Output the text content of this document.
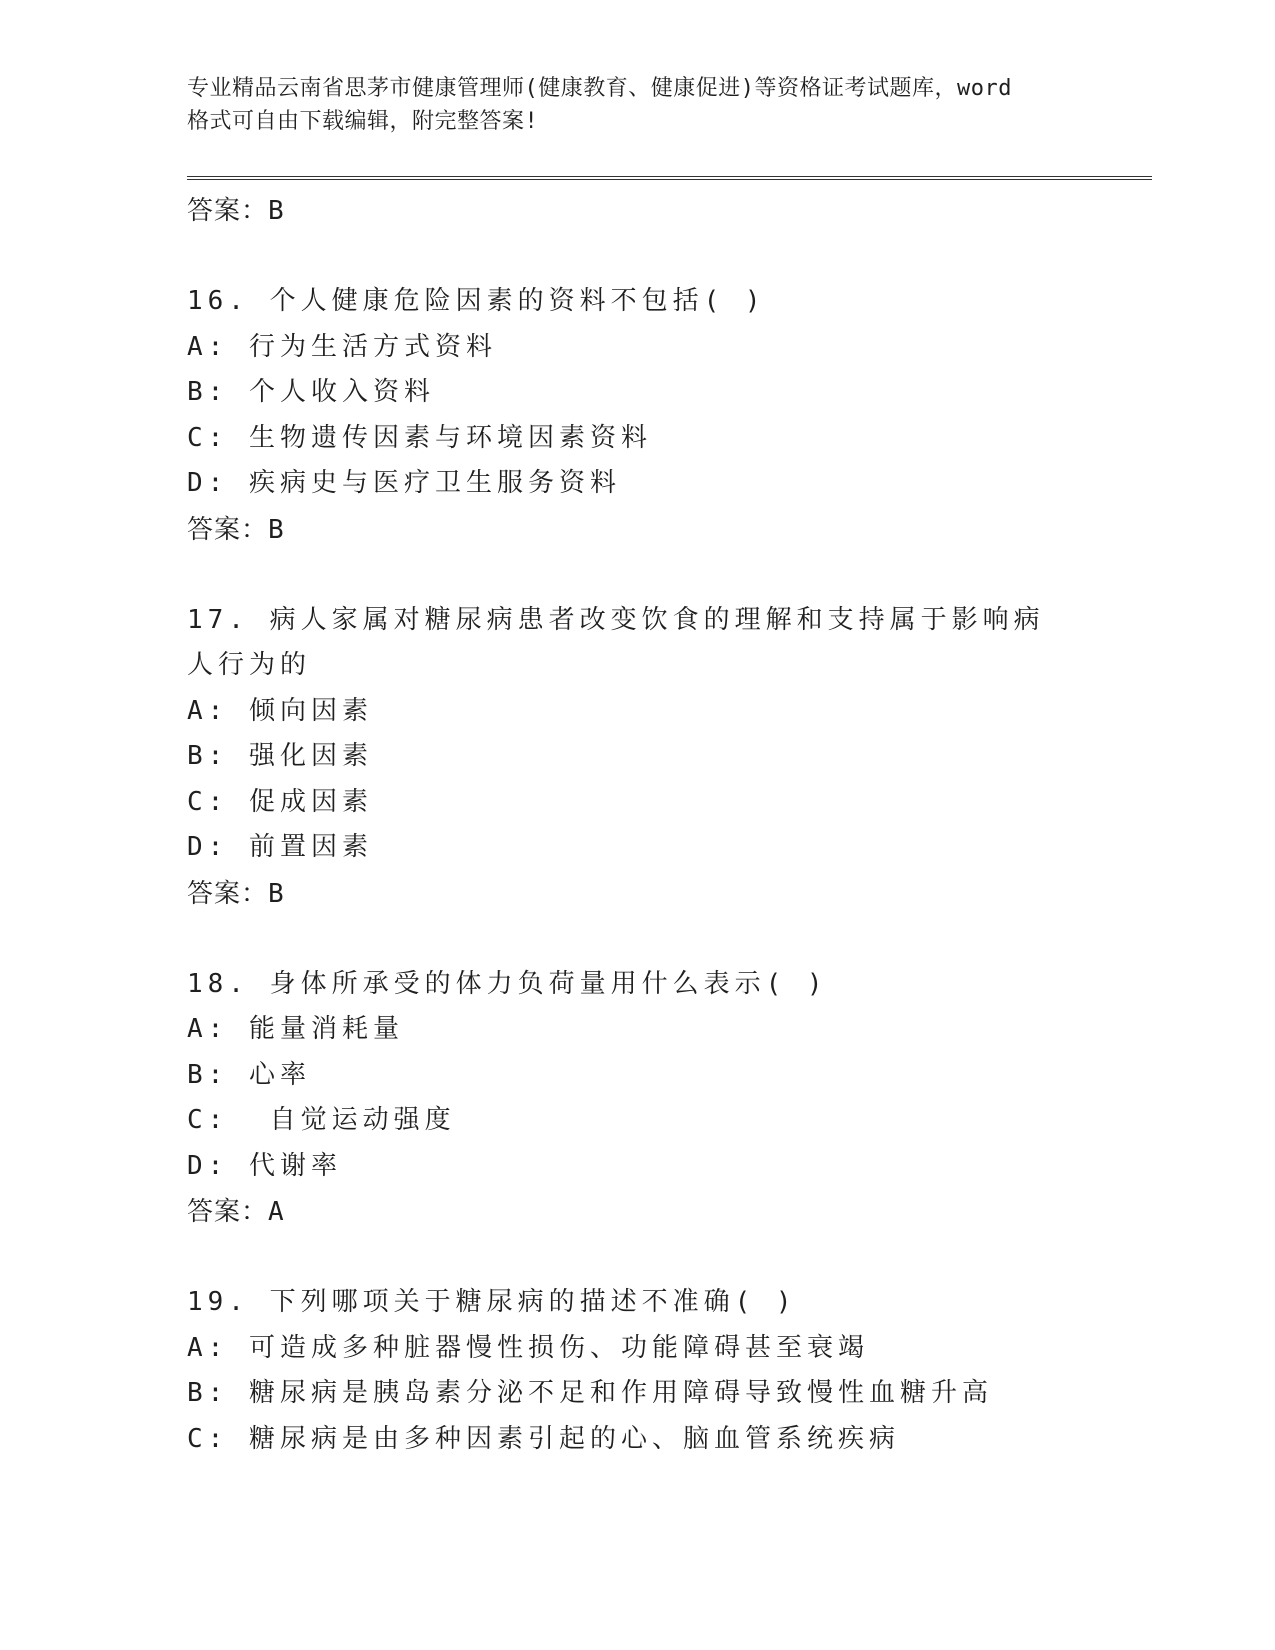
专业精品云南省思茅市健康管理师(健康教育、健康促进)等资格证考试题库，word
格式可自由下载编辑，附完整答案!

答案：B

16. 个人健康危险因素的资料不包括( )

A: 行为生活方式资料

B: 个人收入资料

C: 生物遗传因素与环境因素资料

D: 疾病史与医疗卫生服务资料

答案：B

17. 病人家属对糖尿病患者改变饮食的理解和支持属于影响病人行为的

A: 倾向因素

B: 强化因素

C: 促成因素

D: 前置因素

答案：B

18. 身体所承受的体力负荷量用什么表示( )

A: 能量消耗量

B: 心率

C:  自觉运动强度

D: 代谢率

答案：A

19. 下列哪项关于糖尿病的描述不准确( )

A: 可造成多种脏器慢性损伤、功能障碍甚至衰竭

B: 糖尿病是胰岛素分泌不足和作用障碍导致慢性血糖升高

C: 糖尿病是由多种因素引起的心、脑血管系统疾病
